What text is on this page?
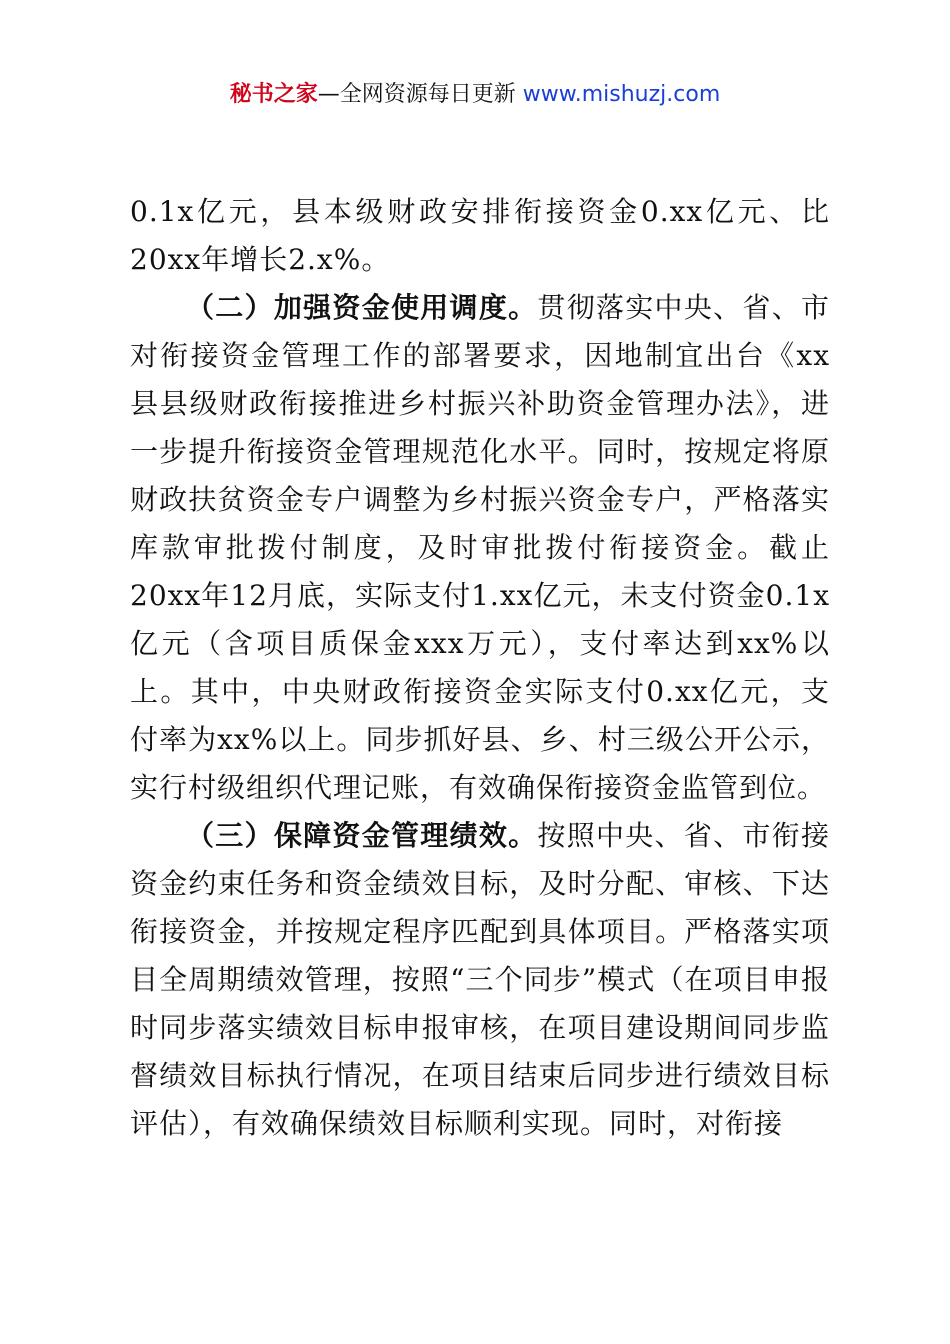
秘书之家—全网资源每日更新 www.mishuzj.com

0.1x亿元，县本级财政安排衔接资金0.xx亿元、比20xx年增长2.x%。

（二）加强资金使用调度。贯彻落实中央、省、市对衔接资金管理工作的部署要求，因地制宜出台《xx县县级财政衔接推进乡村振兴补助资金管理办法》，进一步提升衔接资金管理规范化水平。同时，按规定将原财政扶贫资金专户调整为乡村振兴资金专户，严格落实库款审批拨付制度，及时审批拨付衔接资金。截止20xx年12月底，实际支付1.xx亿元，未支付资金0.1x亿元（含项目质保金xxx万元），支付率达到xx%以上。其中，中央财政衔接资金实际支付0.xx亿元，支付率为xx%以上。同步抓好县、乡、村三级公开公示，实行村级组织代理记账，有效确保衔接资金监管到位。

（三）保障资金管理绩效。按照中央、省、市衔接资金约束任务和资金绩效目标，及时分配、审核、下达衔接资金，并按规定程序匹配到具体项目。严格落实项目全周期绩效管理，按照“三个同步”模式（在项目申报时同步落实绩效目标申报审核，在项目建设期间同步监督绩效目标执行情况，在项目结束后同步进行绩效目标评估），有效确保绩效目标顺利实现。同时，对衔接
